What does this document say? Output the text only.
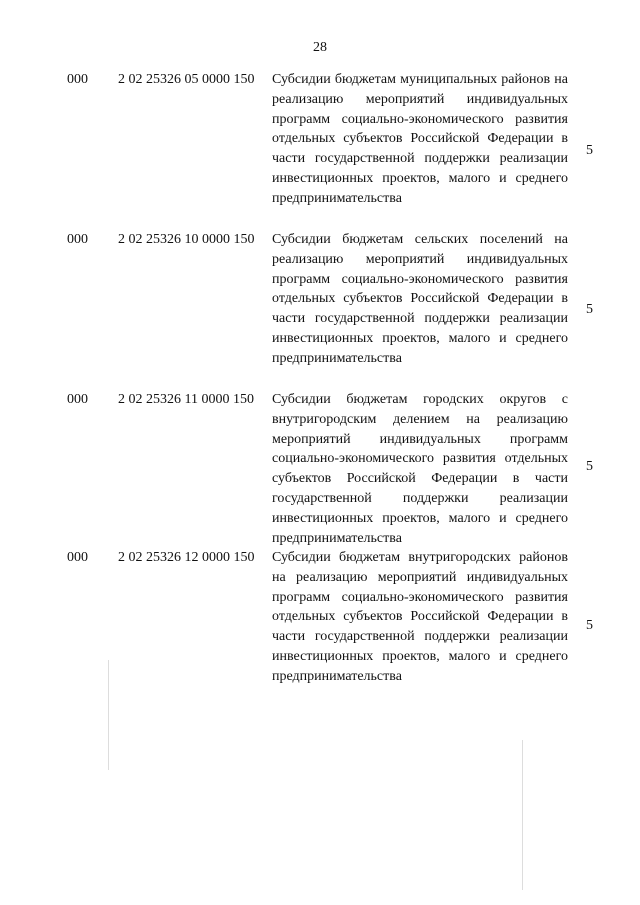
28
000 2 02 25326 05 0000 150 Субсидии бюджетам муниципальных районов на реализацию мероприятий индивидуальных программ социально-экономического развития отдельных субъектов Российской Федерации в части государственной поддержки реализации инвестиционных проектов, малого и среднего предпринимательства
5
000 2 02 25326 10 0000 150 Субсидии бюджетам сельских поселений на реализацию мероприятий индивидуальных программ социально-экономического развития отдельных субъектов Российской Федерации в части государственной поддержки реализации инвестиционных проектов, малого и среднего предпринимательства
5
000 2 02 25326 11 0000 150 Субсидии бюджетам городских округов с внутригородским делением на реализацию мероприятий индивидуальных программ социально-экономического развития отдельных субъектов Российской Федерации в части государственной поддержки реализации инвестиционных проектов, малого и среднего предпринимательства
5
000 2 02 25326 12 0000 150 Субсидии бюджетам внутригородских районов на реализацию мероприятий индивидуальных программ социально-экономического развития отдельных субъектов Российской Федерации в части государственной поддержки реализации инвестиционных проектов, малого и среднего предпринимательства
5
